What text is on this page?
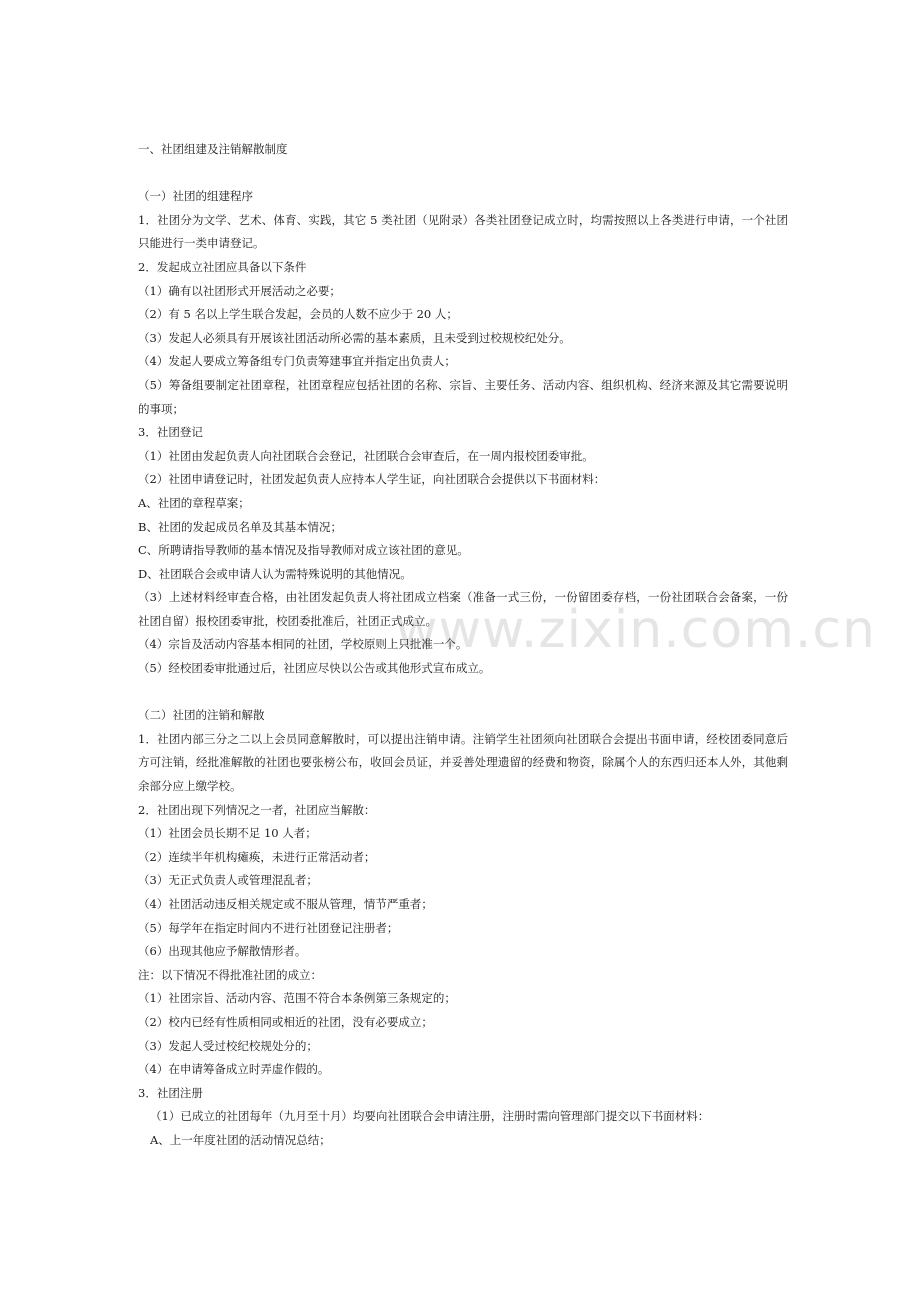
www.zixin.com.cn
一、社团组建及注销解散制度
（一）社团的组建程序
1．社团分为文学、艺术、体育、实践，其它 5 类社团（见附录）各类社团登记成立时，均需按照以上各类进行申请，一个社团只能进行一类申请登记。
2．发起成立社团应具备以下条件
（1）确有以社团形式开展活动之必要；
（2）有 5 名以上学生联合发起，会员的人数不应少于 20 人；
（3）发起人必须具有开展该社团活动所必需的基本素质，且未受到过校规校纪处分。
（4）发起人要成立筹备组专门负责筹建事宜并指定出负责人；
（5）筹备组要制定社团章程，社团章程应包括社团的名称、宗旨、主要任务、活动内容、组织机构、经济来源及其它需要说明的事项；
3．社团登记
（1）社团由发起负责人向社团联合会登记，社团联合会审查后，在一周内报校团委审批。
（2）社团申请登记时，社团发起负责人应持本人学生证，向社团联合会提供以下书面材料：
A、社团的章程草案；
B、社团的发起成员名单及其基本情况；
C、所聘请指导教师的基本情况及指导教师对成立该社团的意见。
D、社团联合会或申请人认为需特殊说明的其他情况。
（3）上述材料经审查合格，由社团发起负责人将社团成立档案（准备一式三份，一份留团委存档，一份社团联合会备案，一份社团自留）报校团委审批，校团委批准后，社团正式成立。
（4）宗旨及活动内容基本相同的社团，学校原则上只批准一个。
（5）经校团委审批通过后，社团应尽快以公告或其他形式宣布成立。
（二）社团的注销和解散
1．社团内部三分之二以上会员同意解散时，可以提出注销申请。注销学生社团须向社团联合会提出书面申请，经校团委同意后方可注销，经批准解散的社团也要张榜公布，收回会员证，并妥善处理遗留的经费和物资，除属个人的东西归还本人外，其他剩余部分应上缴学校。
2．社团出现下列情况之一者，社团应当解散：
（1）社团会员长期不足 10 人者；
（2）连续半年机构瘫痪，未进行正常活动者；
（3）无正式负责人或管理混乱者；
（4）社团活动违反相关规定或不服从管理，情节严重者；
（5）每学年在指定时间内不进行社团登记注册者；
（6）出现其他应予解散情形者。
注：以下情况不得批准社团的成立：
（1）社团宗旨、活动内容、范围不符合本条例第三条规定的；
（2）校内已经有性质相同或相近的社团，没有必要成立；
（3）发起人受过校纪校规处分的；
（4）在申请筹备成立时弄虚作假的。
3．社团注册
（1）已成立的社团每年（九月至十月）均要向社团联合会申请注册，注册时需向管理部门提交以下书面材料：
A、上一年度社团的活动情况总结；
